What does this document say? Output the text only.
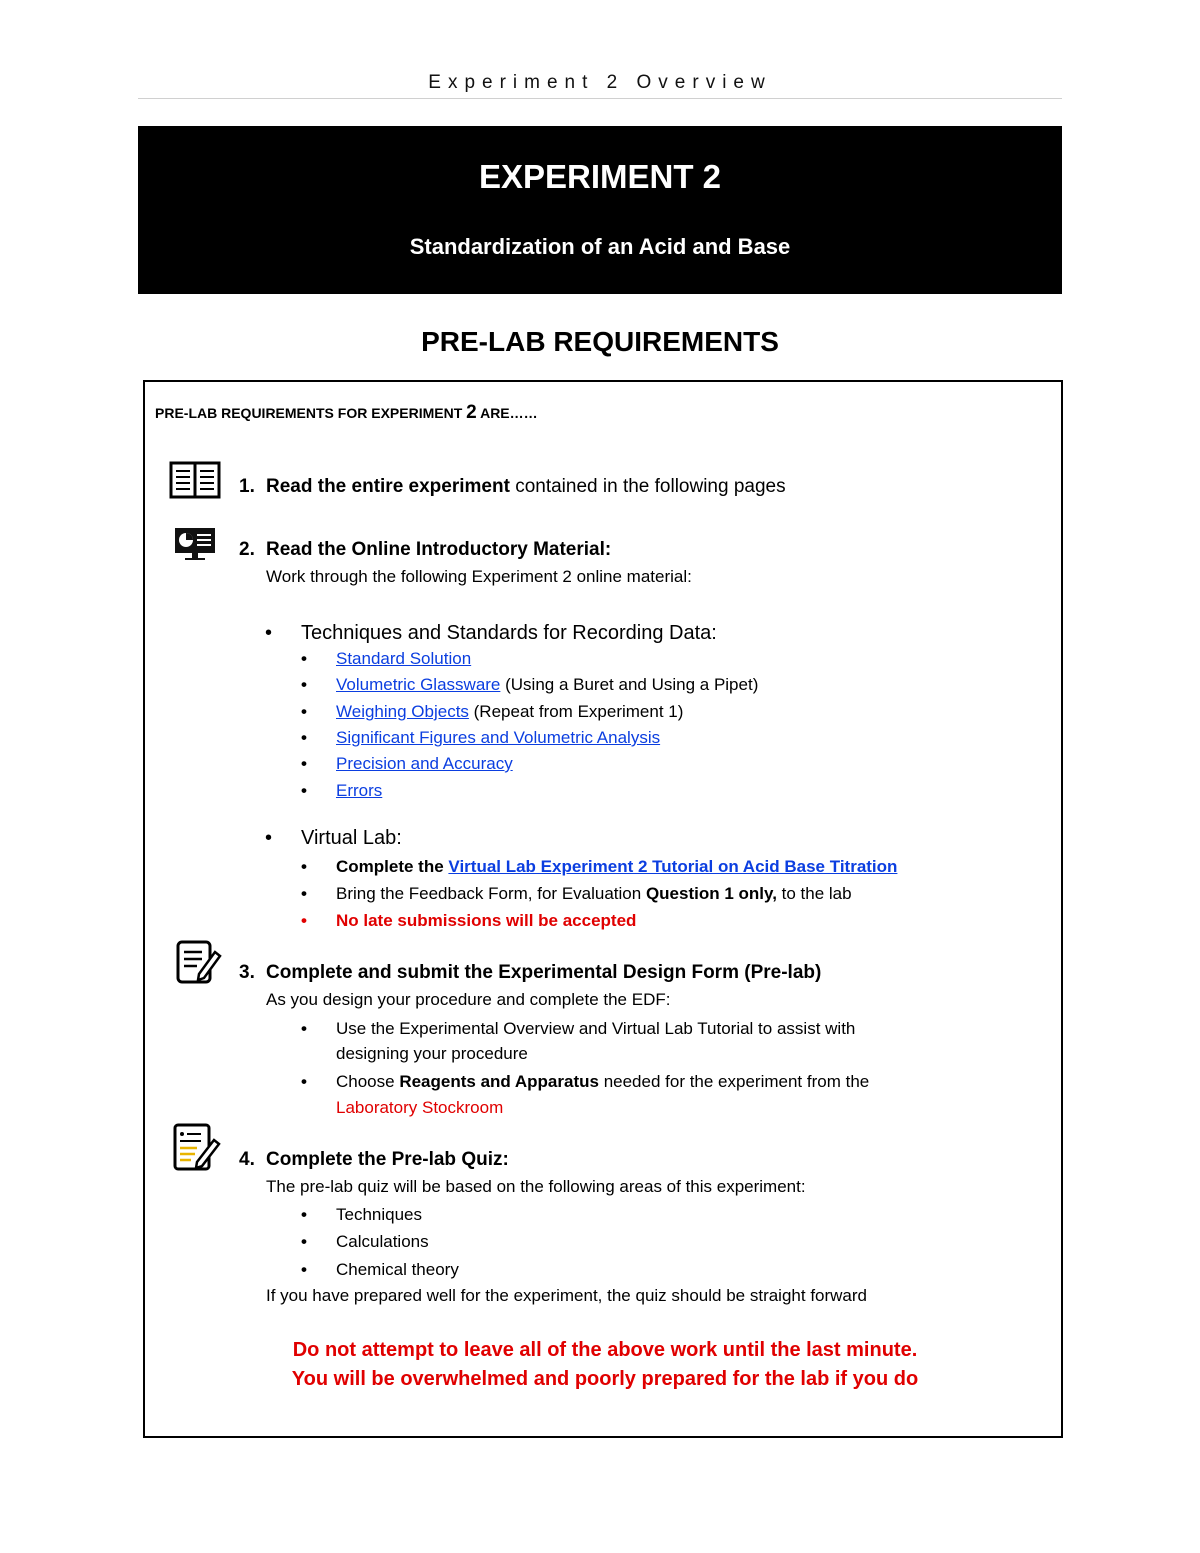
Experiment 2 Overview
EXPERIMENT 2
Standardization of an Acid and Base
PRE-LAB REQUIREMENTS
PRE-LAB REQUIREMENTS FOR EXPERIMENT 2 ARE……
1. Read the entire experiment contained in the following pages
2. Read the Online Introductory Material:
Work through the following Experiment 2 online material:
• Techniques and Standards for Recording Data:
• Standard Solution
• Volumetric Glassware (Using a Buret and Using a Pipet)
• Weighing Objects (Repeat from Experiment 1)
• Significant Figures and Volumetric Analysis
• Precision and Accuracy
• Errors
• Virtual Lab:
• Complete the Virtual Lab Experiment 2 Tutorial on Acid Base Titration
• Bring the Feedback Form, for Evaluation Question 1 only, to the lab
• No late submissions will be accepted
3. Complete and submit the Experimental Design Form (Pre-lab)
As you design your procedure and complete the EDF:
• Use the Experimental Overview and Virtual Lab Tutorial to assist with
designing your procedure
• Choose Reagents and Apparatus needed for the experiment from the
Laboratory Stockroom
4. Complete the Pre-lab Quiz:
The pre-lab quiz will be based on the following areas of this experiment:
• Techniques
• Calculations
• Chemical theory
If you have prepared well for the experiment, the quiz should be straight forward
Do not attempt to leave all of the above work until the last minute.
You will be overwhelmed and poorly prepared for the lab if you do
